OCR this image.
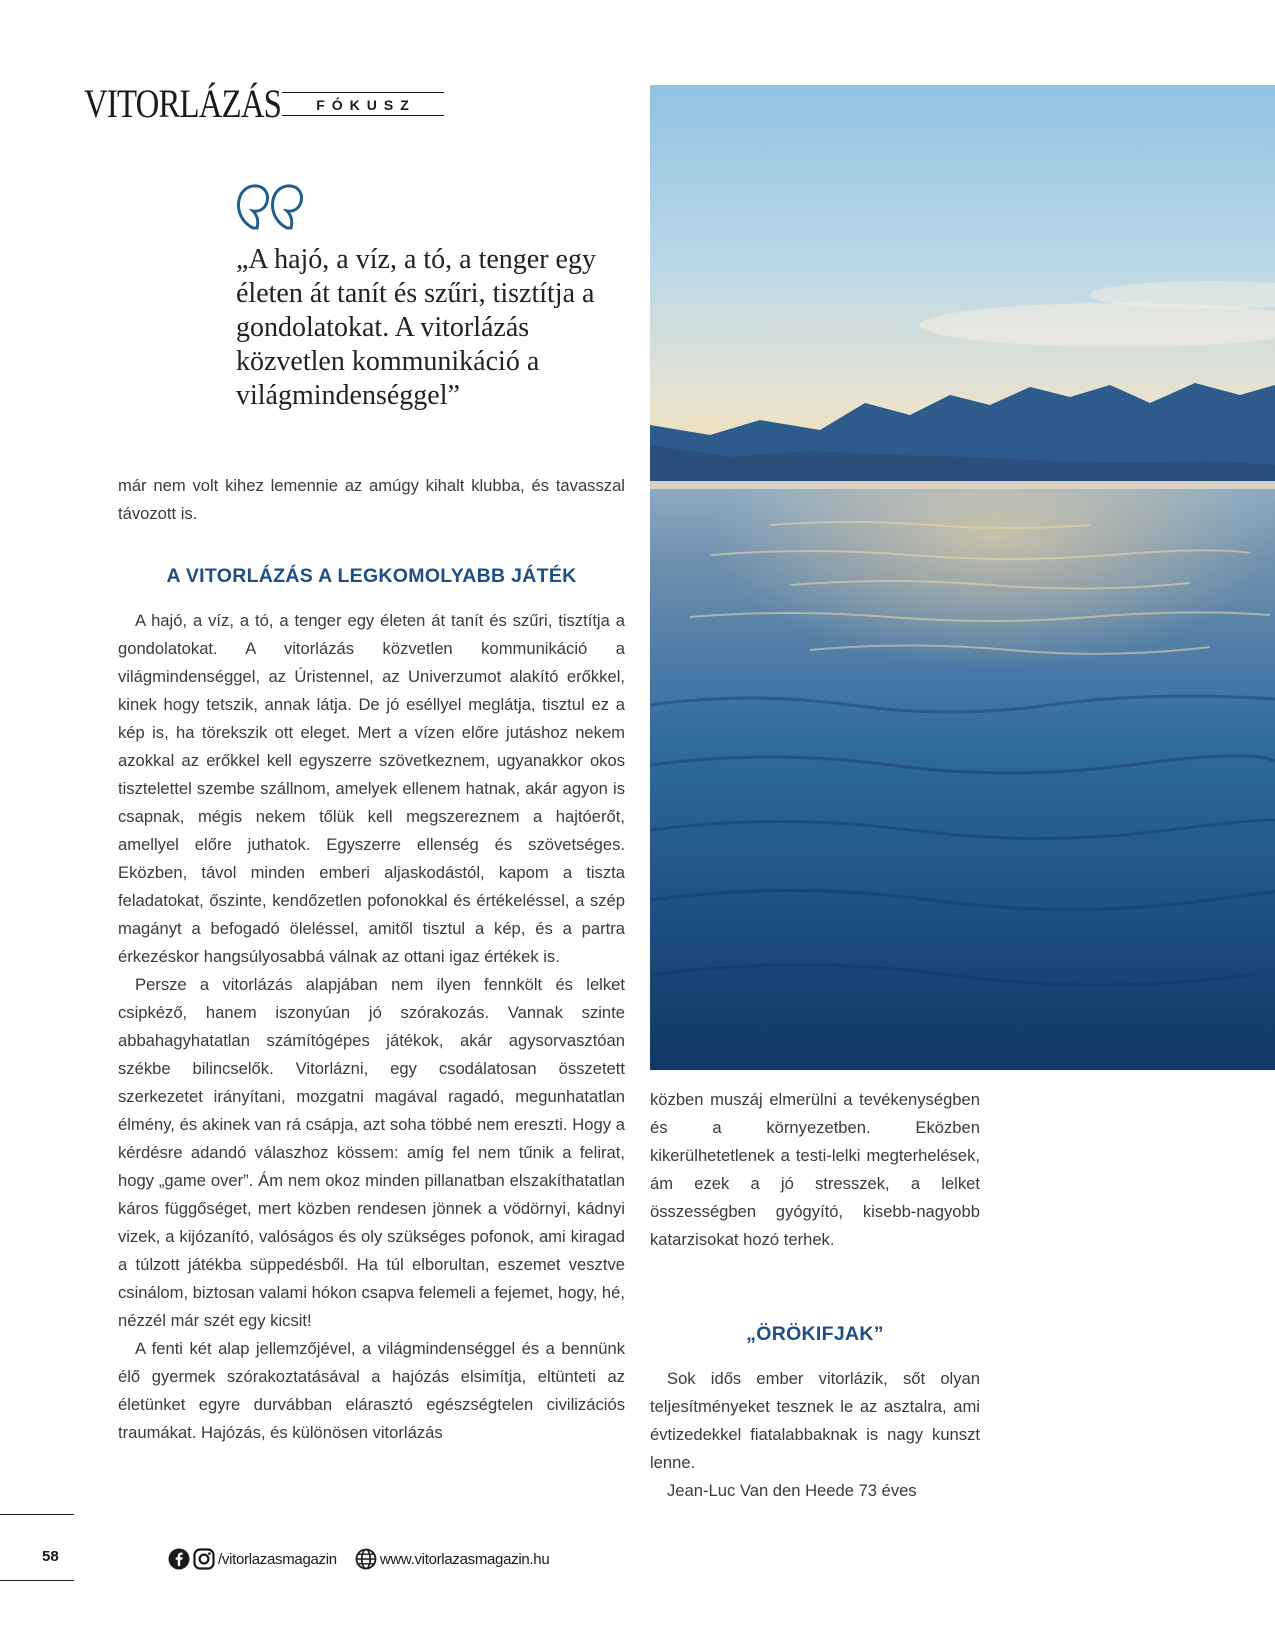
VITORLÁZÁS	FÓKUSZ
„A hajó, a víz, a tó, a tenger egy életen át tanít és szűri, tisztítja a gondolatokat. A vitorlázás közvetlen kommunikáció a világmindenséggel”

már nem volt kihez lemennie az amúgy kihalt klubba, és tavasszal távozott is.

A VITORLÁZÁS A LEGKOMOLYABB JÁTÉK

A hajó, a víz, a tó, a tenger egy életen át tanít és szűri, tisztítja a gondolatokat. A vitorlázás közvetlen kommunikáció a világmindenséggel, az Úristennel, az Univerzumot alakító erőkkel, kinek hogy tetszik, annak látja. De jó eséllyel meglátja, tisztul ez a kép is, ha törekszik ott eleget. Mert a vízen előre jutáshoz nekem azokkal az erőkkel kell egyszerre szövetkeznem, ugyanakkor okos tisztelettel szembe szállnom, amelyek ellenem hatnak, akár agyon is csapnak, mégis nekem tőlük kell megszereznem a hajtóerőt, amellyel előre juthatok. Egyszerre ellenség és szövetséges. Eközben, távol minden emberi aljaskodástól, kapom a tiszta feladatokat, őszinte, kendőzetlen pofonokkal és értékeléssel, a szép magányt a befogadó öleléssel, amitől tisztul a kép, és a partra érkezéskor hangsúlyosabbá válnak az ottani igaz értékek is.

Persze a vitorlázás alapjában nem ilyen fennkölt és lelket csipkéző, hanem iszonyúan jó szórakozás. Vannak szinte abbahagyhatatlan számítógépes játékok, akár agysorvasztóan székbe bilincselők. Vitorlázni, egy csodálatosan összetett szerkezetet irányítani, mozgatni magával ragadó, megunhatatlan élmény, és akinek van rá csápja, azt soha többé nem ereszti. Hogy a kérdésre adandó válaszhoz kössem: amíg fel nem tűnik a felirat, hogy „game over”. Ám nem okoz minden pillanatban elszakíthatatlan káros függőséget, mert közben rendesen jönnek a vödörnyi, kádnyi vizek, a kijózanító, valóságos és oly szükséges pofonok, ami kiragad a túlzott játékba süppedésből. Ha túl elborultan, eszemet vesztve csinálom, biztosan valami hókon csapva felemeli a fejemet, hogy, hé, nézzél már szét egy kicsit!

A fenti két alap jellemzőjével, a világmindenséggel és a bennünk élő gyermek szórakoztatásával a hajózás elsimítja, eltünteti az életünket egyre durvábban elárasztó egészségtelen civilizációs traumákat. Hajózás, és különösen vitorlázás

közben muszáj elmerülni a tevékenységben és a környezetben. Eközben kikerülhetetlenek a testi-lelki megterhelések, ám ezek a jó stresszek, a lelket összességben gyógyító, kisebb-nagyobb katarzisokat hozó terhek.

„ÖRÖKIFJAK”

Sok idős ember vitorlázik, sőt olyan teljesítményeket tesznek le az asztalra, ami évtizedekkel fiatalabbaknak is nagy kunszt lenne.

Jean-Luc Van den Heede 73 éves

58	/vitorlazasmagazin	www.vitorlazasmagazin.hu
